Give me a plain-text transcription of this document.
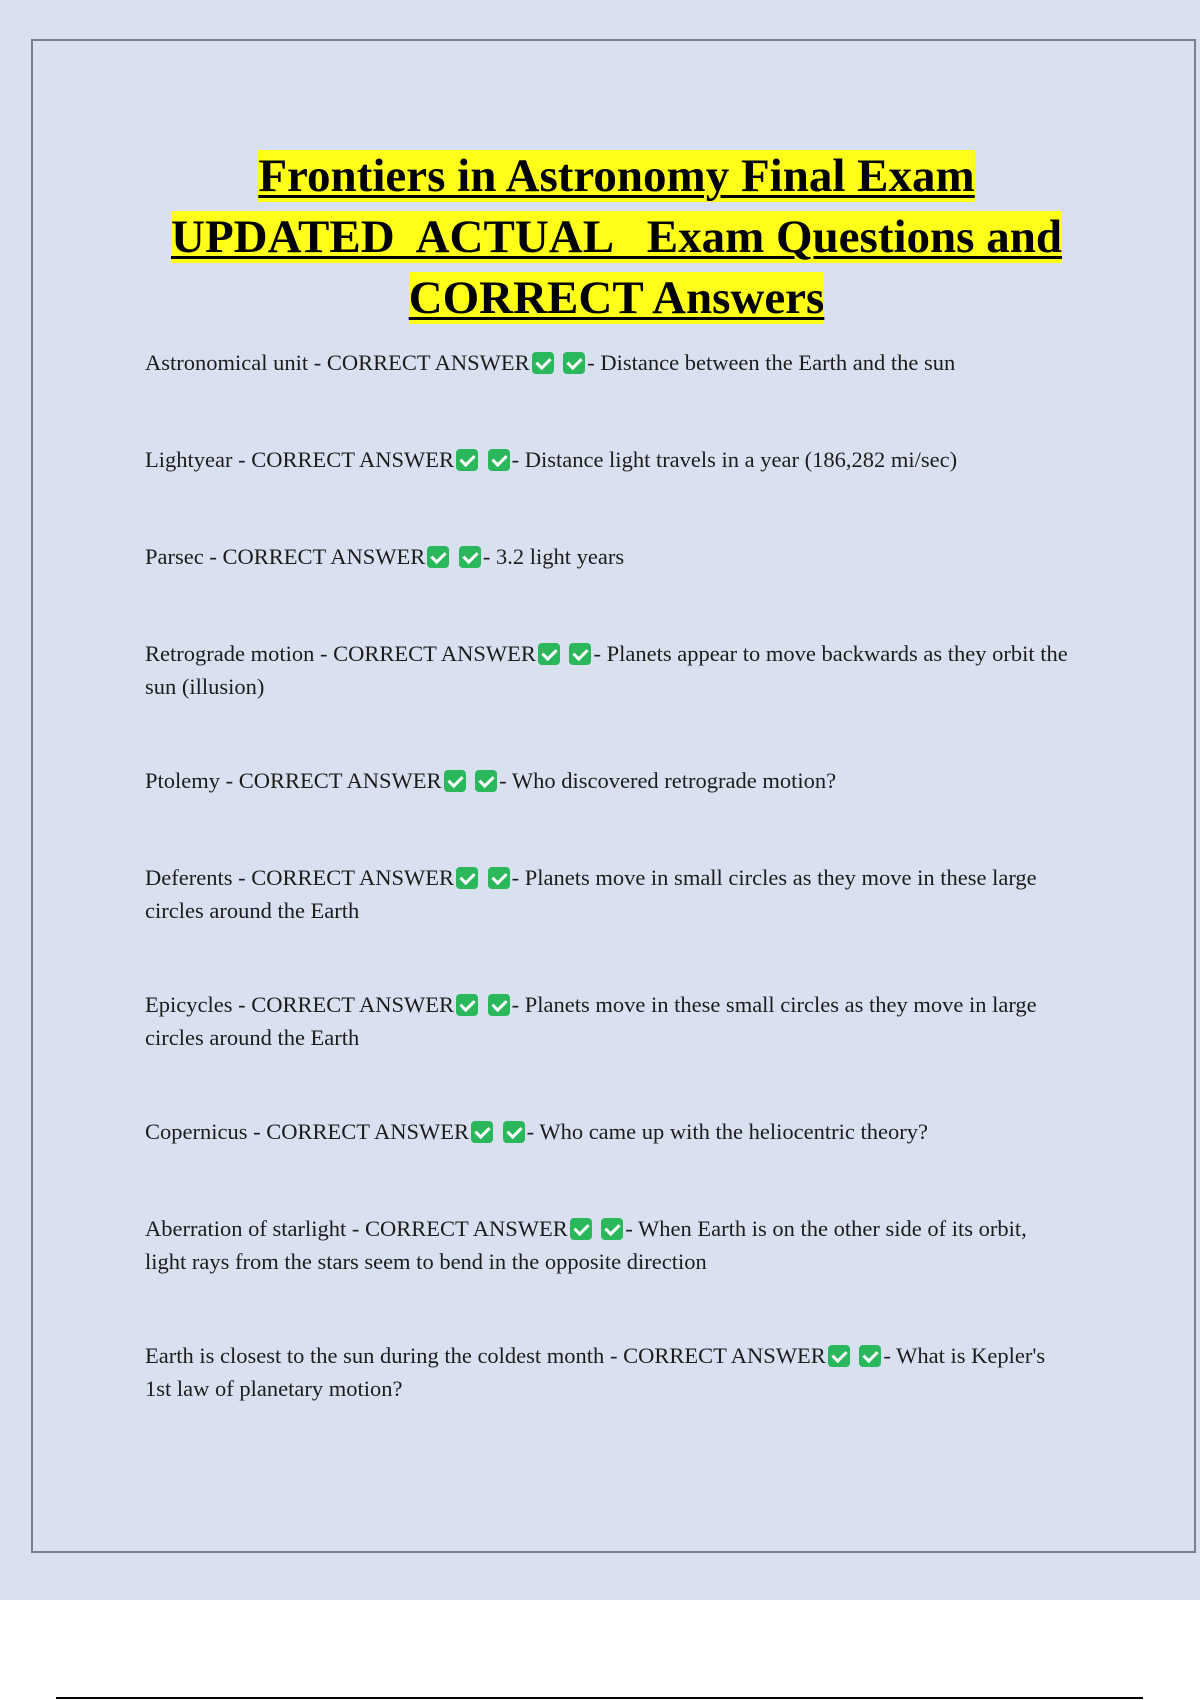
Frontiers in Astronomy Final Exam
UPDATED  ACTUAL   Exam Questions and
CORRECT Answers
Astronomical unit - CORRECT ANSWER	- Distance between the Earth and the sun
Lightyear - CORRECT ANSWER	- Distance light travels in a year (186,282 mi/sec)
Parsec - CORRECT ANSWER	- 3.2 light years
Retrograde motion - CORRECT ANSWER	- Planets appear to move backwards as they orbit the sun (illusion)
Ptolemy - CORRECT ANSWER	- Who discovered retrograde motion?
Deferents - CORRECT ANSWER	- Planets move in small circles as they move in these large circles around the Earth
Epicycles - CORRECT ANSWER	- Planets move in these small circles as they move in large circles around the Earth
Copernicus - CORRECT ANSWER	- Who came up with the heliocentric theory?
Aberration of starlight - CORRECT ANSWER	- When Earth is on the other side of its orbit, light rays from the stars seem to bend in the opposite direction
Earth is closest to the sun during the coldest month - CORRECT ANSWER	- What is Kepler's 1st law of planetary motion?
